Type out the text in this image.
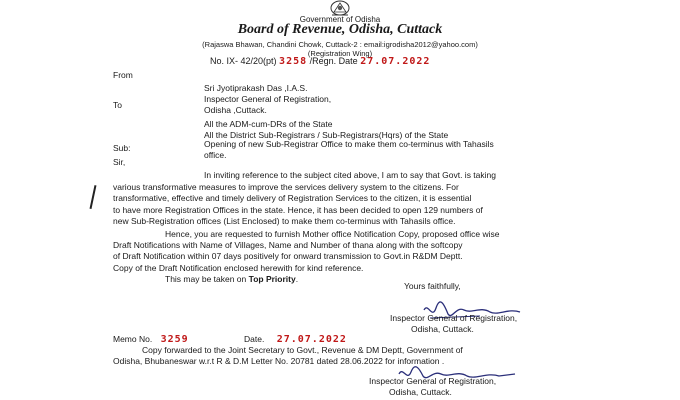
Government of Odisha
Board of Revenue, Odisha, Cuttack
(Rajaswa Bhawan, Chandini Chowk, Cuttack-2 : email:igrodisha2012@yahoo.com)
(Registration Wing)
No. IX- 42/20(pt) 3258 /Regn. Date 27.07.2022
From
Sri Jyotiprakash Das ,I.A.S.
Inspector General of Registration,
Odisha ,Cuttack.
To
All the ADM-cum-DRs of the State
All the District Sub-Registrars / Sub-Registrars(Hqrs) of the State
Sub:	Opening of new Sub-Registrar Office to make them co-terminus with Tahasils
office.
Sir,
In inviting reference to the subject cited above, I am to say that Govt. is taking
various transformative measures to improve the services delivery system to the citizens. For
transformative, effective and timely delivery of Registration Services to the citizen, it is essential
to have more Registration Offices in the state. Hence, it has been decided to open 129 numbers of
new Sub-Registration offices (List Enclosed) to make them co-terminus with Tahasils office.
Hence, you are requested to furnish Mother office Notification Copy, proposed office wise
Draft Notifications with Name of Villages, Name and Number of thana along with the softcopy
of Draft Notification within 07 days positively for onward transmission to Govt.in R&DM Deptt.
Copy of the Draft Notification enclosed herewith for kind reference.
This may be taken on Top Priority.
Yours faithfully,
Inspector General of Registration,
Odisha, Cuttack.
Memo No. 3259	Date. 27.07.2022
Copy forwarded to the Joint Secretary to Govt., Revenue & DM Deptt, Government of
Odisha, Bhubaneswar w.r.t R & D.M Letter No. 20781 dated 28.06.2022 for information .
Inspector General of Registration,
Odisha, Cuttack.
